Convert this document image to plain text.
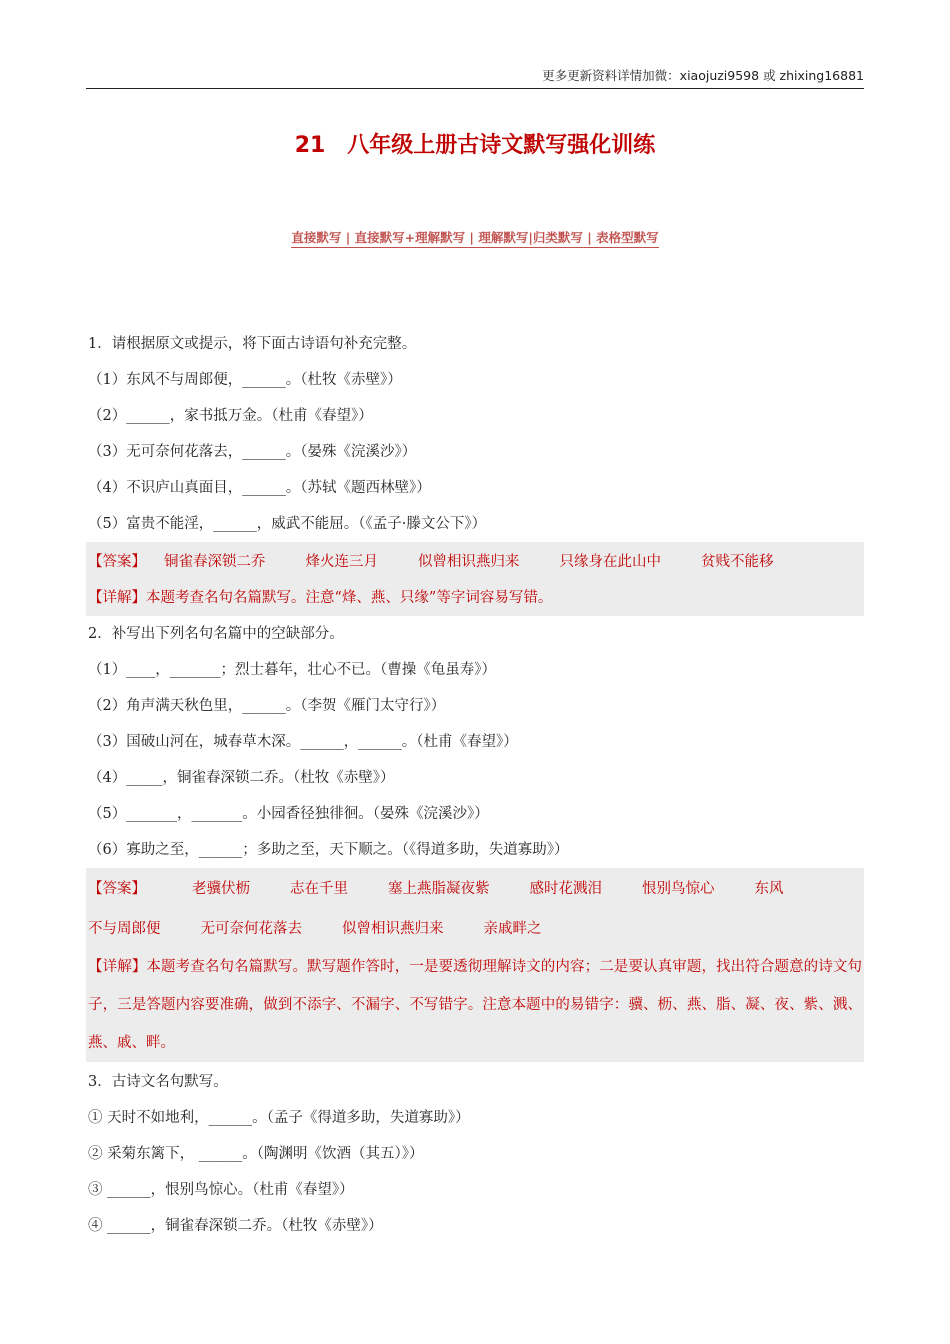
更多更新资料详情加微：xiaojuzi9598 或 zhixing16881
21　八年级上册古诗文默写强化训练
直接默写 | 直接默写+理解默写 | 理解默写|归类默写 | 表格型默写
1．请根据原文或提示，将下面古诗语句补充完整。
（1）东风不与周郎便，______。（杜牧《赤壁》）
（2）______，家书抵万金。（杜甫《春望》）
（3）无可奈何花落去，______。（晏殊《浣溪沙》）
（4）不识庐山真面目，______。（苏轼《题西林壁》）
（5）富贵不能淫，______，威武不能屈。（《孟子·滕文公下》）
【答案】 铜雀春深锁二乔	烽火连三月	似曾相识燕归来	只缘身在此山中	贫贱不能移
【详解】本题考查名句名篇默写。注意“烽、燕、只缘”等字词容易写错。
2．补写出下列名句名篇中的空缺部分。
（1）____，_______；烈士暮年，壮心不已。（曹操《龟虽寿》）
（2）角声满天秋色里，______。（李贺《雁门太守行》）
（3）国破山河在，城春草木深。______，______。（杜甫《春望》）
（4）_____，铜雀春深锁二乔。（杜牧《赤壁》）
（5）_______，_______。小园香径独徘徊。（晏殊《浣溪沙》）
（6）寡助之至，______；多助之至，天下顺之。（《得道多助，失道寡助》）
【答案】	老骥伏枥	志在千里	塞上燕脂凝夜紫	感时花溅泪	恨别鸟惊心	东风
不与周郎便	无可奈何花落去	似曾相识燕归来	亲戚畔之
【详解】本题考查名句名篇默写。默写题作答时，一是要透彻理解诗文的内容；二是要认真审题，找出符合题意的诗文句子，三是答题内容要准确，做到不添字、不漏字、不写错字。注意本题中的易错字：骥、枥、燕、脂、凝、夜、紫、溅、燕、戚、畔。
3．古诗文名句默写。
① 天时不如地利，______。（孟子《得道多助，失道寡助》）
② 采菊东篱下， ______。（陶渊明《饮酒（其五）》）
③ ______，恨别鸟惊心。（杜甫《春望》）
④ ______，铜雀春深锁二乔。（杜牧《赤壁》）
